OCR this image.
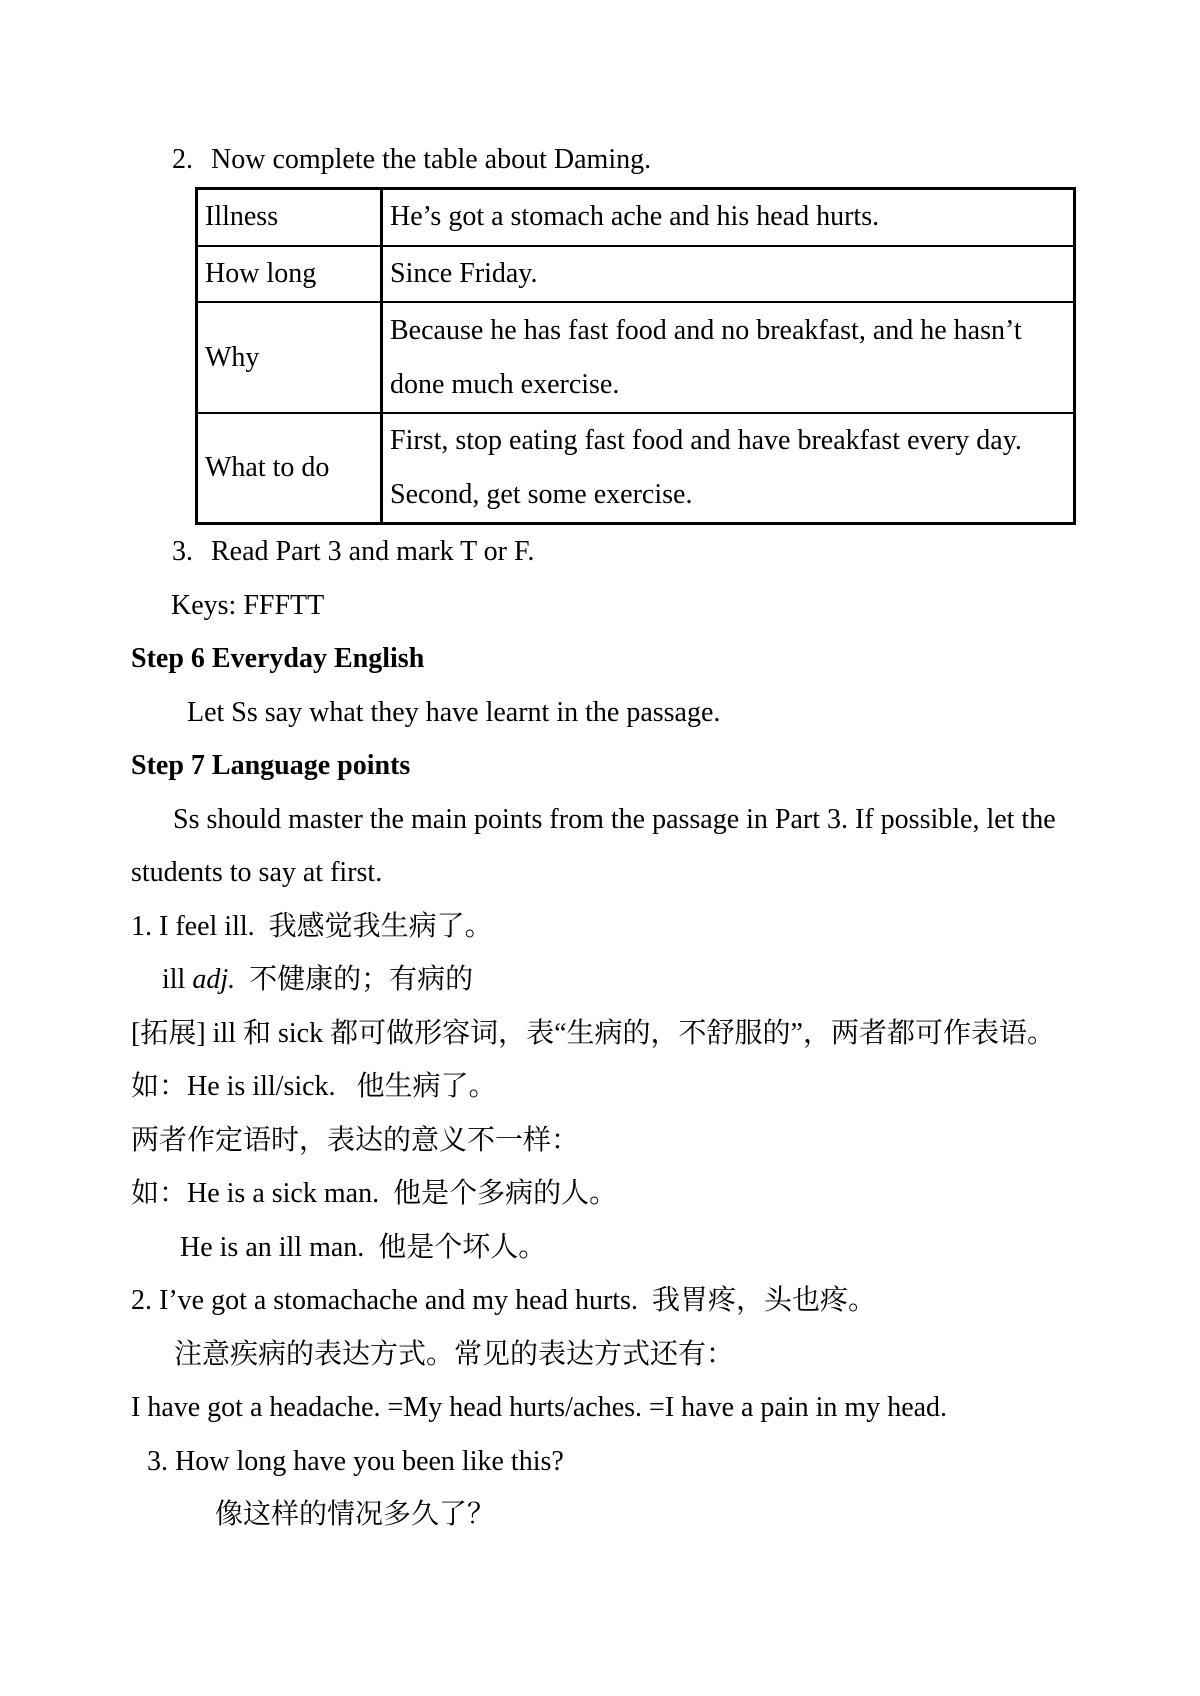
2. Now complete the table about Daming.
Illness	He’s got a stomach ache and his head hurts.

How long	Since Friday.

Why	Because he has fast food and no breakfast, and he hasn’t
done much exercise.

What to do	First, stop eating fast food and have breakfast every day.
Second, get some exercise.
3. Read Part 3 and mark T or F.
Keys: FFFTT
Step 6 Everyday English
Let Ss say what they have learnt in the passage.
Step 7 Language points
Ss should master the main points from the passage in Part 3. If possible, let the
students to say at first.
1. I feel ill.  我感觉我生病了。
ill adj.  不健康的；有病的
[拓展] ill 和 sick 都可做形容词，表“生病的，不舒服的”，两者都可作表语。
如：He is ill/sick.   他生病了。
两者作定语时，表达的意义不一样：
如：He is a sick man.  他是个多病的人。
He is an ill man.  他是个坏人。
2. I’ve got a stomachache and my head hurts.  我胃疼，头也疼。
注意疾病的表达方式。常见的表达方式还有：
I have got a headache. =My head hurts/aches. =I have a pain in my head.
3. How long have you been like this?
像这样的情况多久了？
